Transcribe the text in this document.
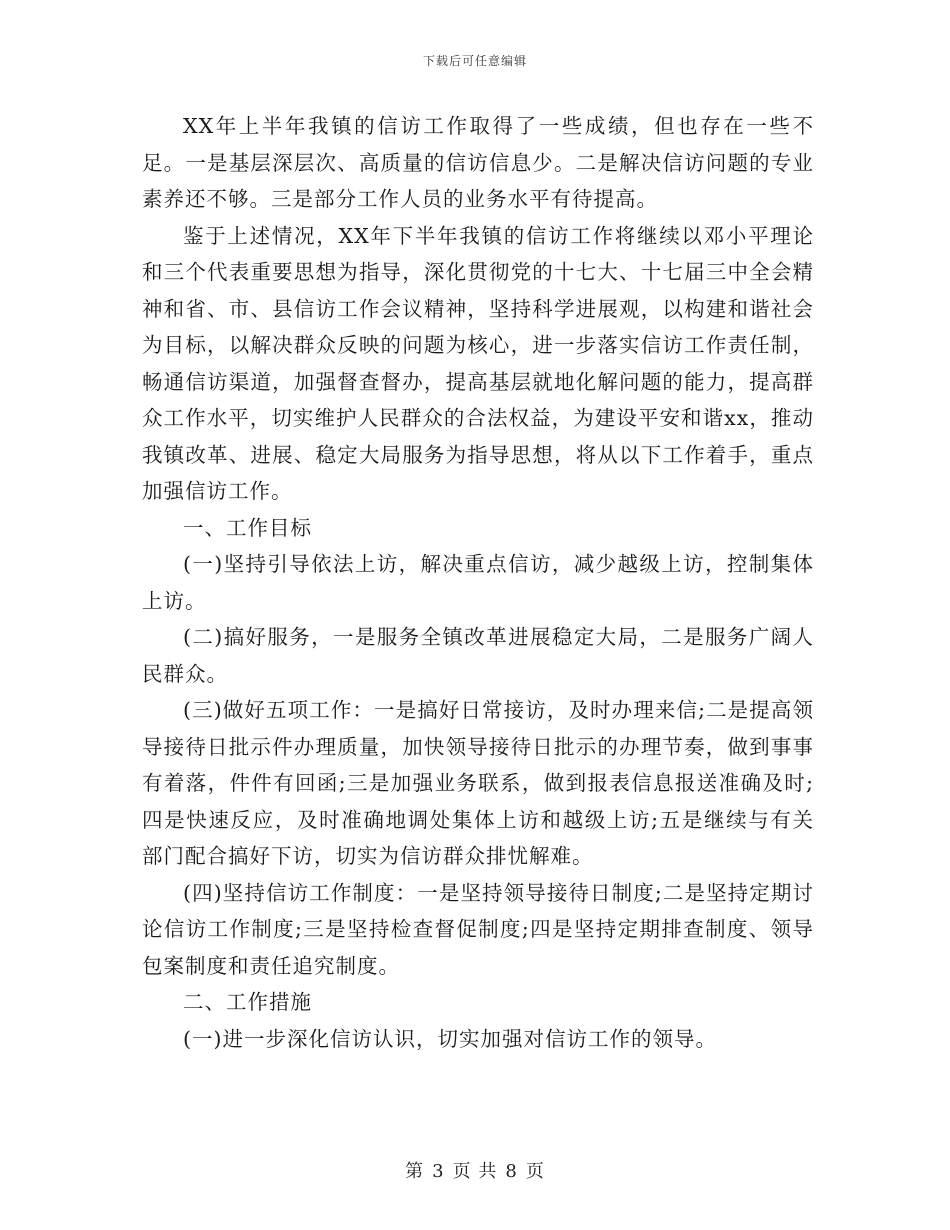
下载后可任意编辑

XX年上半年我镇的信访工作取得了一些成绩，但也存在一些不足。一是基层深层次、高质量的信访信息少。二是解决信访问题的专业素养还不够。三是部分工作人员的业务水平有待提高。

鉴于上述情况，XX年下半年我镇的信访工作将继续以邓小平理论和三个代表重要思想为指导，深化贯彻党的十七大、十七届三中全会精神和省、市、县信访工作会议精神，坚持科学进展观，以构建和谐社会为目标，以解决群众反映的问题为核心，进一步落实信访工作责任制，畅通信访渠道，加强督查督办，提高基层就地化解问题的能力，提高群众工作水平，切实维护人民群众的合法权益，为建设平安和谐xx，推动我镇改革、进展、稳定大局服务为指导思想，将从以下工作着手，重点加强信访工作。

一、工作目标

(一)坚持引导依法上访，解决重点信访，减少越级上访，控制集体上访。

(二)搞好服务，一是服务全镇改革进展稳定大局，二是服务广阔人民群众。

(三)做好五项工作：一是搞好日常接访，及时办理来信;二是提高领导接待日批示件办理质量，加快领导接待日批示的办理节奏，做到事事有着落，件件有回函;三是加强业务联系，做到报表信息报送准确及时;四是快速反应，及时准确地调处集体上访和越级上访;五是继续与有关部门配合搞好下访，切实为信访群众排忧解难。

(四)坚持信访工作制度：一是坚持领导接待日制度;二是坚持定期讨论信访工作制度;三是坚持检查督促制度;四是坚持定期排查制度、领导包案制度和责任追究制度。

二、工作措施

(一)进一步深化信访认识，切实加强对信访工作的领导。

第 3 页 共 8 页
